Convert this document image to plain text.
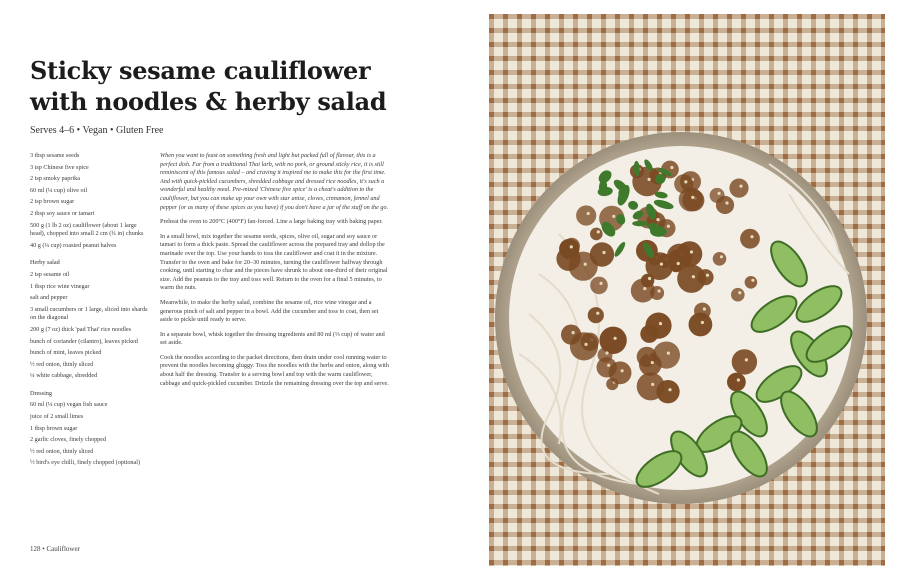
Sticky sesame cauliflower
with noodles & herby salad
Serves 4–6 • Vegan • Gluten Free
3 tbsp sesame seeds
3 tsp Chinese five spice
2 tsp smoky paprika
60 ml (¼ cup) olive oil
2 tsp brown sugar
2 tbsp soy sauce or tamari
500 g (1 lb 2 oz) cauliflower (about 1 large head), chopped into small 2 cm (¾ in) chunks
40 g (¼ cup) roasted peanut halves
Herby salad
2 tsp sesame oil
1 tbsp rice wine vinegar
salt and pepper
3 small cucumbers or 1 large, sliced into shards on the diagonal
200 g (7 oz) thick 'pad Thai' rice noodles
bunch of coriander (cilantro), leaves picked
bunch of mint, leaves picked
½ red onion, thinly sliced
¼ white cabbage, shredded
Dressing
60 ml (¼ cup) vegan fish sauce
juice of 2 small limes
1 tbsp brown sugar
2 garlic cloves, finely chopped
½ red onion, thinly sliced
½ bird's eye chilli, finely chopped (optional)

When you want to feast on something fresh and light but packed full of flavour, this is a perfect dish. Far from a traditional Thai larb, with no pork, or ground sticky rice, it is still reminiscent of this famous salad – and craving it inspired me to make this for the first time. And with quick-pickled cucumbers, shredded cabbage and dressed rice noodles, it's such a wonderful and healthy meal. Pre-mixed 'Chinese five spice' is a cheat's addition to the cauliflower, but you can make up your own with star anise, cloves, cinnamon, fennel and pepper (or as many of these spices as you have) if you don't have a jar of the stuff on the go.

Preheat the oven to 200°C (400°F) fan-forced. Line a large baking tray with baking paper.

In a small bowl, mix together the sesame seeds, spices, olive oil, sugar and soy sauce or tamari to form a thick paste. Spread the cauliflower across the prepared tray and dollop the marinade over the top. Use your hands to toss the cauliflower and coat it in the mixture. Transfer to the oven and bake for 20–30 minutes, turning the cauliflower halfway through cooking, until starting to char and the pieces have shrunk to about one-third of their original size. Add the peanuts to the tray and toss well. Return to the oven for a final 5 minutes, to warm the nuts.

Meanwhile, to make the herby salad, combine the sesame oil, rice wine vinegar and a generous pinch of salt and pepper in a bowl. Add the cucumber and toss to coat, then set aside to pickle until ready to serve.

In a separate bowl, whisk together the dressing ingredients and 80 ml (⅓ cup) of water and set aside.

Cook the noodles according to the packet directions, then drain under cool running water to prevent the noodles becoming gluggy. Toss the noodles with the herbs and onion, along with about half the dressing. Transfer to a serving bowl and top with the warm cauliflower, cabbage and quick-pickled cucumber. Drizzle the remaining dressing over the top and serve.

128 • Cauliflower
